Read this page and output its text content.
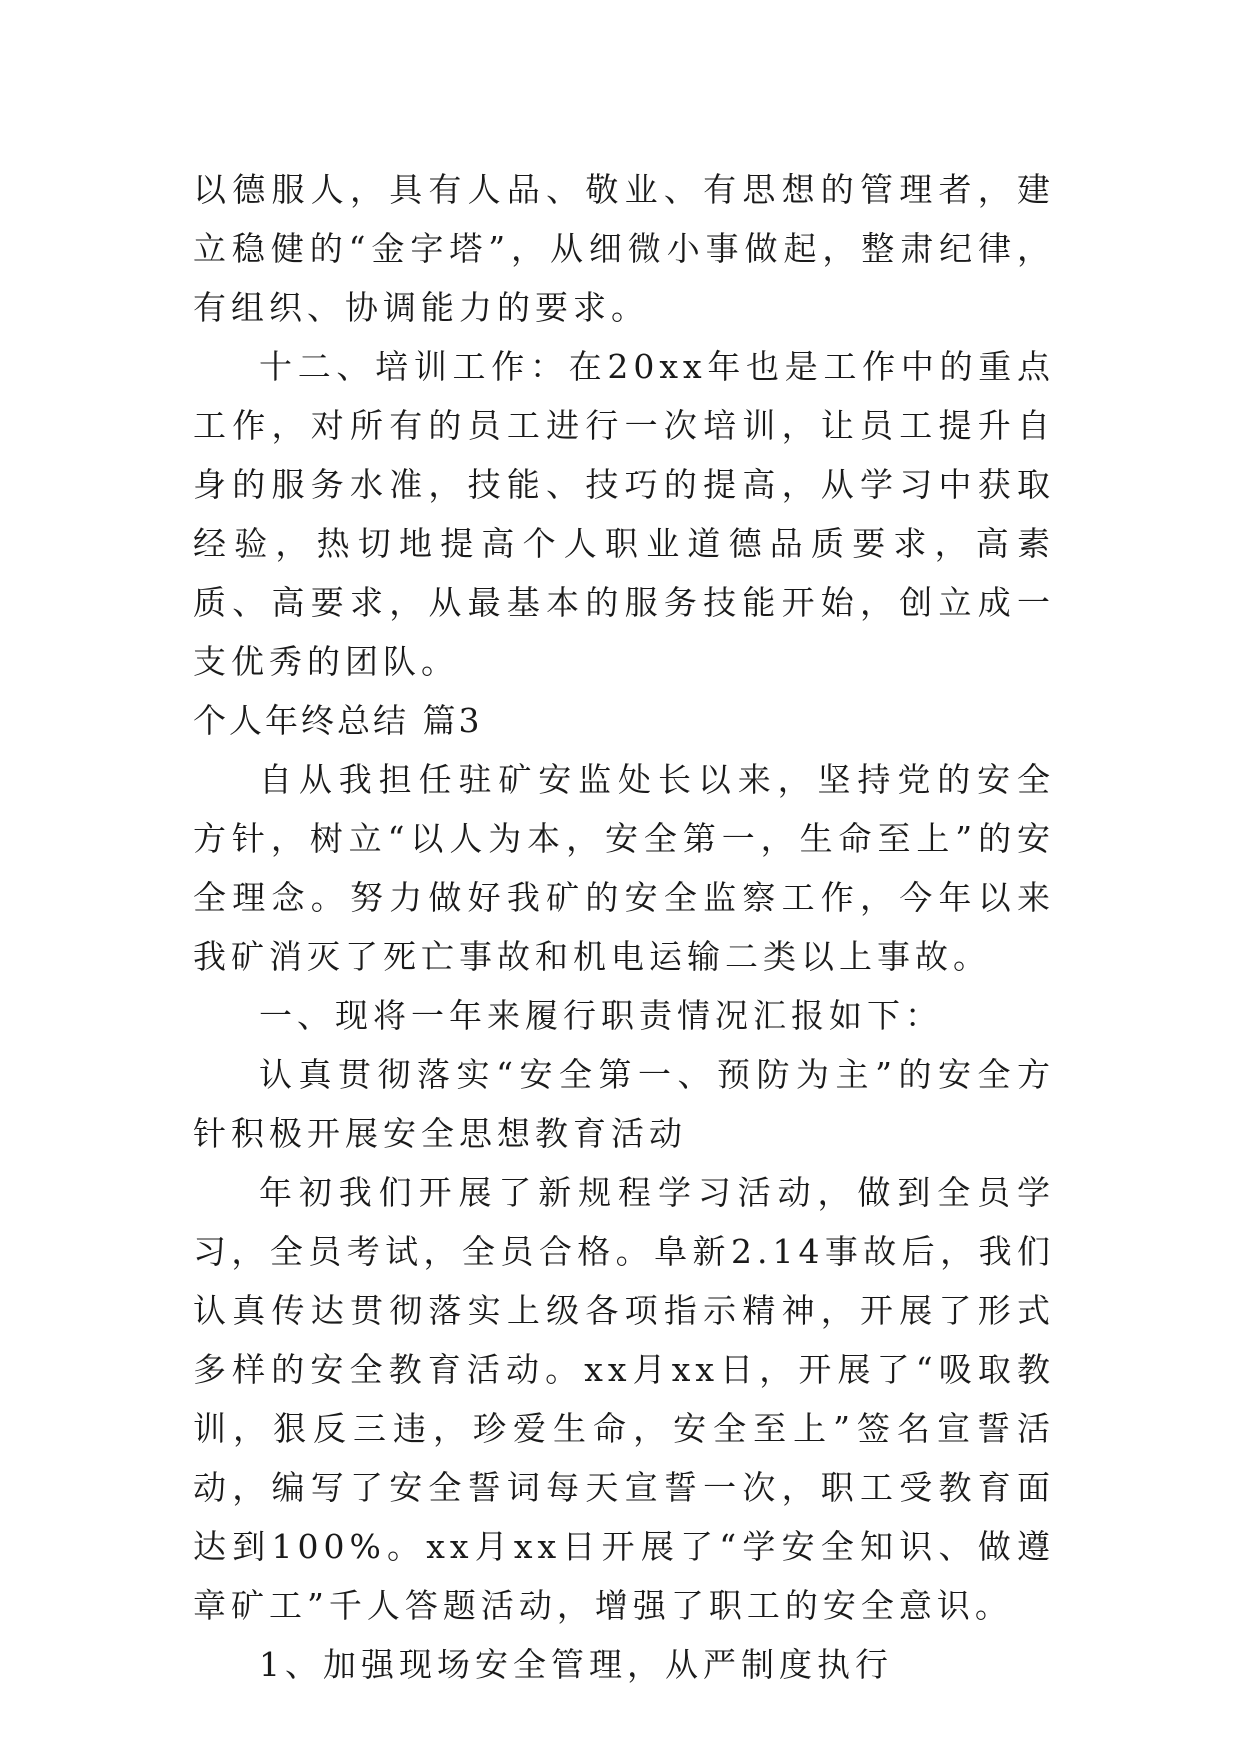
以德服人，具有人品、敬业、有思想的管理者，建立稳健的“金字塔”，从细微小事做起，整肃纪律，有组织、协调能力的要求。

十二、培训工作：在20xx年也是工作中的重点工作，对所有的员工进行一次培训，让员工提升自身的服务水准，技能、技巧的提高，从学习中获取经验，热切地提高个人职业道德品质要求，高素质、高要求，从最基本的服务技能开始，创立成一支优秀的团队。

个人年终总结 篇3

自从我担任驻矿安监处长以来，坚持党的安全方针，树立“以人为本，安全第一，生命至上”的安全理念。努力做好我矿的安全监察工作，今年以来我矿消灭了死亡事故和机电运输二类以上事故。

一、现将一年来履行职责情况汇报如下：

认真贯彻落实“安全第一、预防为主”的安全方针积极开展安全思想教育活动

年初我们开展了新规程学习活动，做到全员学习，全员考试，全员合格。阜新2.14事故后，我们认真传达贯彻落实上级各项指示精神，开展了形式多样的安全教育活动。xx月xx日，开展了“吸取教训，狠反三违，珍爱生命，安全至上”签名宣誓活动，编写了安全誓词每天宣誓一次，职工受教育面达到100%。xx月xx日开展了“学安全知识、做遵章矿工”千人答题活动，增强了职工的安全意识。

1、加强现场安全管理，从严制度执行
